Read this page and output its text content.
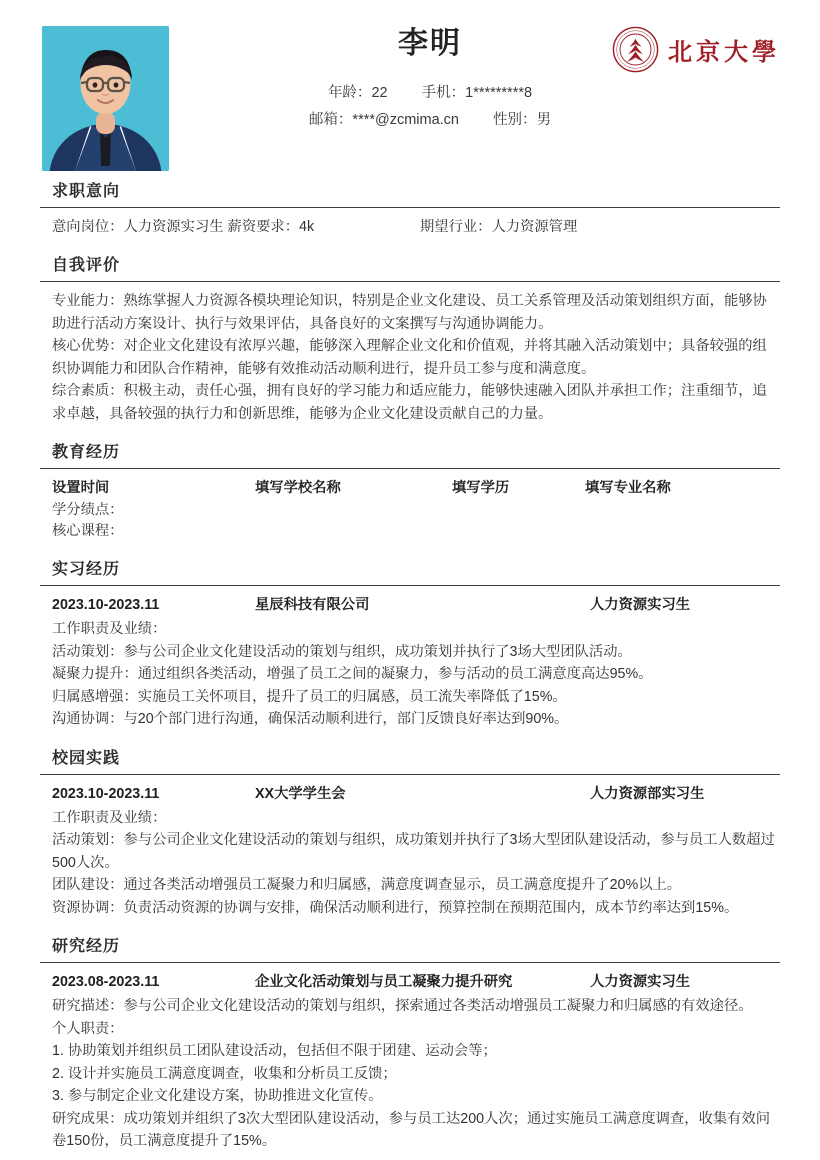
李明
年龄：22 手机：1*********8
邮箱：****@zcmima.cn 性别：男
北京大學
求职意向
意向岗位：人力资源实习生 薪资要求：4k	期望行业：人力资源管理
自我评价

专业能力：熟练掌握人力资源各模块理论知识，特别是企业文化建设、员工关系管理及活动策划组织方面，能够协助进行活动方案设计、执行与效果评估，具备良好的文案撰写与沟通协调能力。

核心优势：对企业文化建设有浓厚兴趣，能够深入理解企业文化和价值观，并将其融入活动策划中；具备较强的组织协调能力和团队合作精神，能够有效推动活动顺利进行，提升员工参与度和满意度。

综合素质：积极主动，责任心强，拥有良好的学习能力和适应能力，能够快速融入团队并承担工作；注重细节，追求卓越，具备较强的执行力和创新思维，能够为企业文化建设贡献自己的力量。

教育经历
设置时间	填写学校名称	填写学历	填写专业名称
学分绩点：
核心课程：
实习经历
2023.10-2023.11	星辰科技有限公司	人力资源实习生
工作职责及业绩：
活动策划：参与公司企业文化建设活动的策划与组织，成功策划并执行了3场大型团队活动。
凝聚力提升：通过组织各类活动，增强了员工之间的凝聚力，参与活动的员工满意度高达95%。
归属感增强：实施员工关怀项目，提升了员工的归属感，员工流失率降低了15%。
沟通协调：与20个部门进行沟通，确保活动顺利进行，部门反馈良好率达到90%。
校园实践
2023.10-2023.11	XX大学学生会	人力资源部实习生
工作职责及业绩：
活动策划：参与公司企业文化建设活动的策划与组织，成功策划并执行了3场大型团队建设活动，参与员工人数超过500人次。
团队建设：通过各类活动增强员工凝聚力和归属感，满意度调查显示，员工满意度提升了20%以上。
资源协调：负责活动资源的协调与安排，确保活动顺利进行，预算控制在预期范围内，成本节约率达到15%。
研究经历
2023.08-2023.11	企业文化活动策划与员工凝聚力提升研究	人力资源实习生
研究描述：参与公司企业文化建设活动的策划与组织，探索通过各类活动增强员工凝聚力和归属感的有效途径。
个人职责：
1. 协助策划并组织员工团队建设活动，包括但不限于团建、运动会等；
2. 设计并实施员工满意度调查，收集和分析员工反馈；
3. 参与制定企业文化建设方案，协助推进文化宣传。
研究成果：成功策划并组织了3次大型团队建设活动，参与员工达200人次；通过实施员工满意度调查，收集有效问卷150份，员工满意度提升了15%。
